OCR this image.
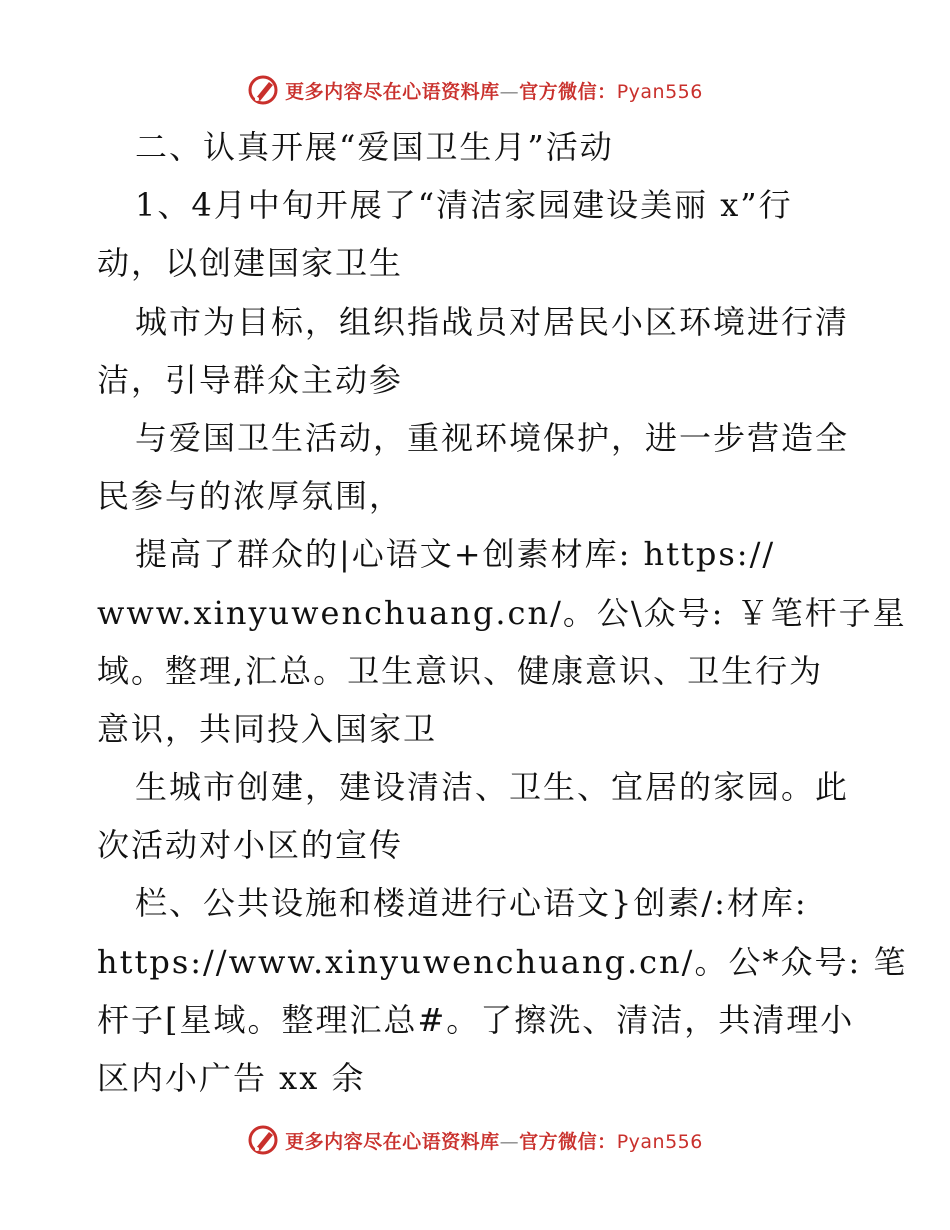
更多内容尽在心语资料库—官方微信：Pyan556
二、认真开展“爱国卫生月”活动
1、4月中旬开展了“清洁家园建设美丽 x”行
动，以创建国家卫生
城市为目标，组织指战员对居民小区环境进行清
洁，引导群众主动参
与爱国卫生活动，重视环境保护，进一步营造全
民参与的浓厚氛围，
提高了群众的|心语文+创素材库: https://
www.xinyuwenchuang.cn/。公\众号: ￥笔杆子星
域。整理,汇总。卫生意识、健康意识、卫生行为
意识，共同投入国家卫
生城市创建，建设清洁、卫生、宜居的家园。此
次活动对小区的宣传
栏、公共设施和楼道进行心语文}创素/:材库:
https://www.xinyuwenchuang.cn/。公*众号: 笔
杆子[星域。整理汇总#。了擦洗、清洁，共清理小
区内小广告 xx 余
更多内容尽在心语资料库—官方微信：Pyan556
